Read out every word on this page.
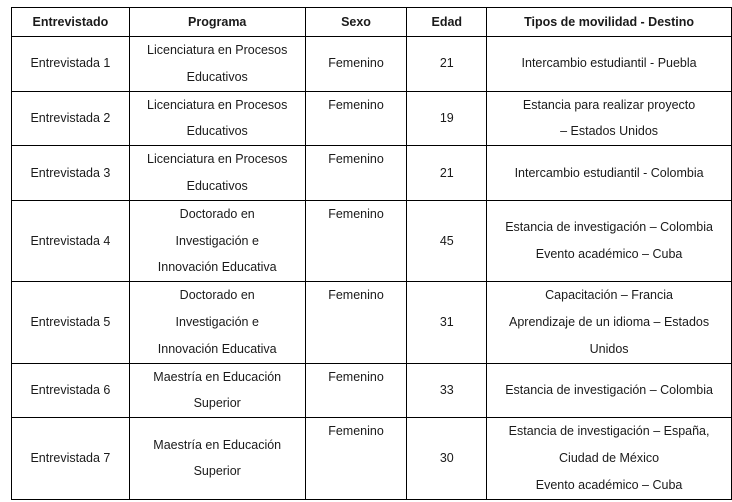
Entrevistado	Programa	Sexo	Edad	Tipos de movilidad - Destino
Entrevistada 1	Licenciatura en Procesos
Educativos	Femenino	21	Intercambio estudiantil - Puebla

Entrevistada 2	Licenciatura en Procesos
Educativos	Femenino	19	Estancia para realizar proyecto
– Estados Unidos

Entrevistada 3	Licenciatura en Procesos
Educativos	Femenino	21	Intercambio estudiantil - Colombia

Entrevistada 4	Doctorado en
Investigación e
Innovación Educativa	Femenino	45	Estancia de investigación – Colombia
Evento académico – Cuba

Entrevistada 5	Doctorado en
Investigación e
Innovación Educativa	Femenino	31	Capacitación – Francia
Aprendizaje de un idioma – Estados
Unidos

Entrevistada 6	Maestría en Educación
Superior	Femenino	33	Estancia de investigación – Colombia

Entrevistada 7	Maestría en Educación
Superior	Femenino	30	Estancia de investigación – España,
Ciudad de México
Evento académico – Cuba
